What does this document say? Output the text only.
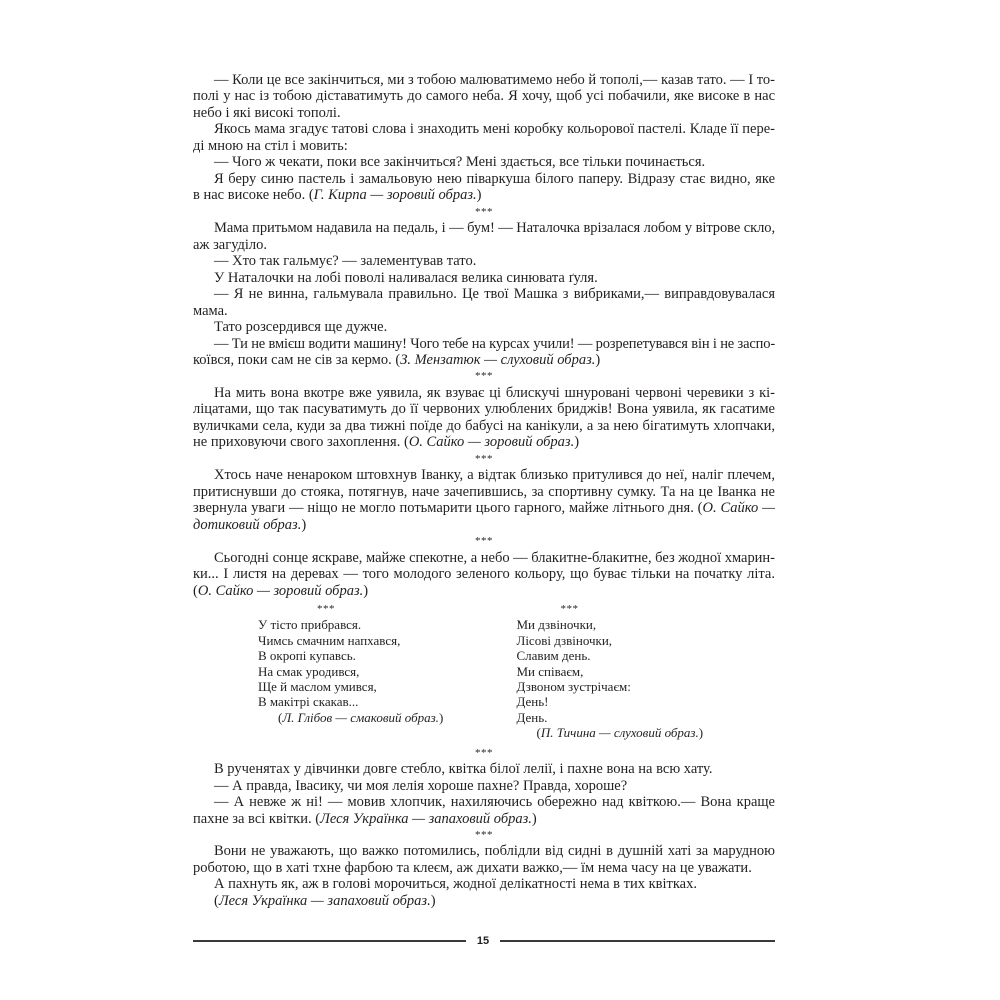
— Коли це все закінчиться, ми з тобою малюватимемо небо й тополі,— казав тато. — І то-
полі у нас із тобою діставатимуть до самого неба. Я хочу, щоб усі побачили, яке високе в нас
небо і які високі тополі.
Якось мама згадує татові слова і знаходить мені коробку кольорової пастелі. Кладе її пере-
ді мною на стіл і мовить:
— Чого ж чекати, поки все закінчиться? Мені здається, все тільки починається.
Я беру синю пастель і замальовую нею піваркуша білого паперу. Відразу стає видно, яке
в нас високе небо. (Г. Кирпа — зоровий образ.)
***
Мама притьмом надавила на педаль, і — бум! — Наталочка врізалася лобом у вітрове скло,
аж загуділо.
— Хто так гальмує? — залементував тато.
У Наталочки на лобі поволі наливалася велика синювата ґуля.
— Я не винна, гальмувала правильно. Це твої Машка з вибриками,— виправдовувалася
мама.
Тато розсердився ще дужче.
— Ти не вмієш водити машину! Чого тебе на курсах учили! — розрепетувався він і не заспо-
коївся, поки сам не сів за кермо. (З. Мензатюк — слуховий образ.)
***
На мить вона вкотре вже уявила, як взуває ці блискучі шнуровані червоні черевики з кі-
ліцатами, що так пасуватимуть до її червоних улюблених бриджів! Вона уявила, як гасатиме
вуличками села, куди за два тижні поїде до бабусі на канікули, а за нею бігатимуть хлопчаки,
не приховуючи свого захоплення. (О. Сайко — зоровий образ.)
***
Хтось наче ненароком штовхнув Іванку, а відтак близько притулився до неї, наліг плечем,
притиснувши до стояка, потягнув, наче зачепившись, за спортивну сумку. Та на це Іванка не
звернула уваги — ніщо не могло потьмарити цього гарного, майже літнього дня. (О. Сайко —
дотиковий образ.)
***
Сьогодні сонце яскраве, майже спекотне, а небо — блакитне-блакитне, без жодної хмарин-
ки... І листя на деревах — того молодого зеленого кольору, що буває тільки на початку літа.
(О. Сайко — зоровий образ.)
***
У тісто прибрався.
Чимсь смачним напхався,
В окропі купавсь.
На смак уродився,
Ще й маслом умився,
В макітрі скакав...
(Л. Глібов — смаковий образ.)
***
Ми дзвіночки,
Лісові дзвіночки,
Славим день.
Ми співаєм,
Дзвоном зустрічаєм:
День!
День.
(П. Тичина — слуховий образ.)
***
В рученятах у дівчинки довге стебло, квітка білої лелії, і пахне вона на всю хату.
— А правда, Івасику, чи моя лелія хороше пахне? Правда, хороше?
— А невже ж ні! — мовив хлопчик, нахиляючись обережно над квіткою.— Вона краще
пахне за всі квітки. (Леся Українка — запаховий образ.)
***
Вони не уважають, що важко потомились, поблідли від сидні в душній хаті за марудною
роботою, що в хаті тхне фарбою та клеєм, аж дихати важко,— їм нема часу на це уважати.
А пахнуть як, аж в голові морочиться, жодної делікатності нема в тих квітках.
(Леся Українка — запаховий образ.)
15
